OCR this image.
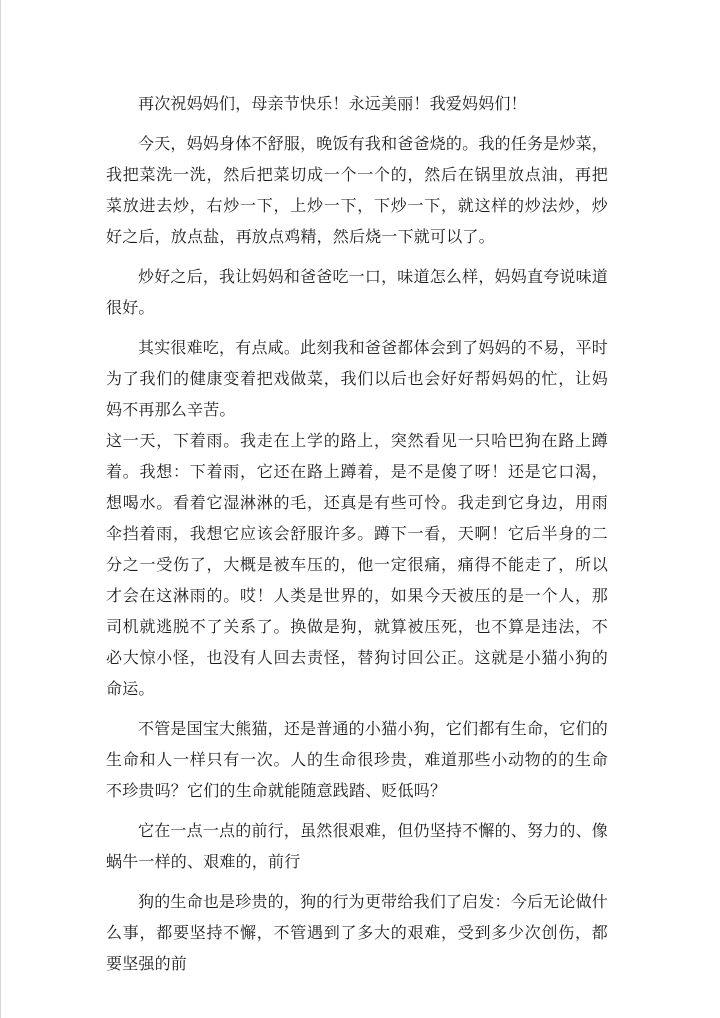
再次祝妈妈们，母亲节快乐！永远美丽！我爱妈妈们！

今天，妈妈身体不舒服，晚饭有我和爸爸烧的。我的任务是炒菜，我把菜洗一洗，然后把菜切成一个一个的，然后在锅里放点油，再把菜放进去炒，右炒一下，上炒一下，下炒一下，就这样的炒法炒，炒好之后，放点盐，再放点鸡精，然后烧一下就可以了。

炒好之后，我让妈妈和爸爸吃一口，味道怎么样，妈妈直夸说味道很好。

其实很难吃，有点咸。此刻我和爸爸都体会到了妈妈的不易，平时为了我们的健康变着把戏做菜，我们以后也会好好帮妈妈的忙，让妈妈不再那么辛苦。

这一天，下着雨。我走在上学的路上，突然看见一只哈巴狗在路上蹲着。我想：下着雨，它还在路上蹲着，是不是傻了呀！还是它口渴，想喝水。看着它湿淋淋的毛，还真是有些可怜。我走到它身边，用雨伞挡着雨，我想它应该会舒服许多。蹲下一看，天啊！它后半身的二分之一受伤了，大概是被车压的，他一定很痛，痛得不能走了，所以才会在这淋雨的。哎！人类是世界的，如果今天被压的是一个人，那司机就逃脱不了关系了。换做是狗，就算被压死，也不算是违法，不必大惊小怪，也没有人回去责怪，替狗讨回公正。这就是小猫小狗的命运。

不管是国宝大熊猫，还是普通的小猫小狗，它们都有生命，它们的生命和人一样只有一次。人的生命很珍贵，难道那些小动物的的生命不珍贵吗？它们的生命就能随意践踏、贬低吗？

它在一点一点的前行，虽然很艰难，但仍坚持不懈的、努力的、像蜗牛一样的、艰难的，前行

狗的生命也是珍贵的，狗的行为更带给我们了启发：今后无论做什么事，都要坚持不懈，不管遇到了多大的艰难，受到多少次创伤，都要坚强的前
